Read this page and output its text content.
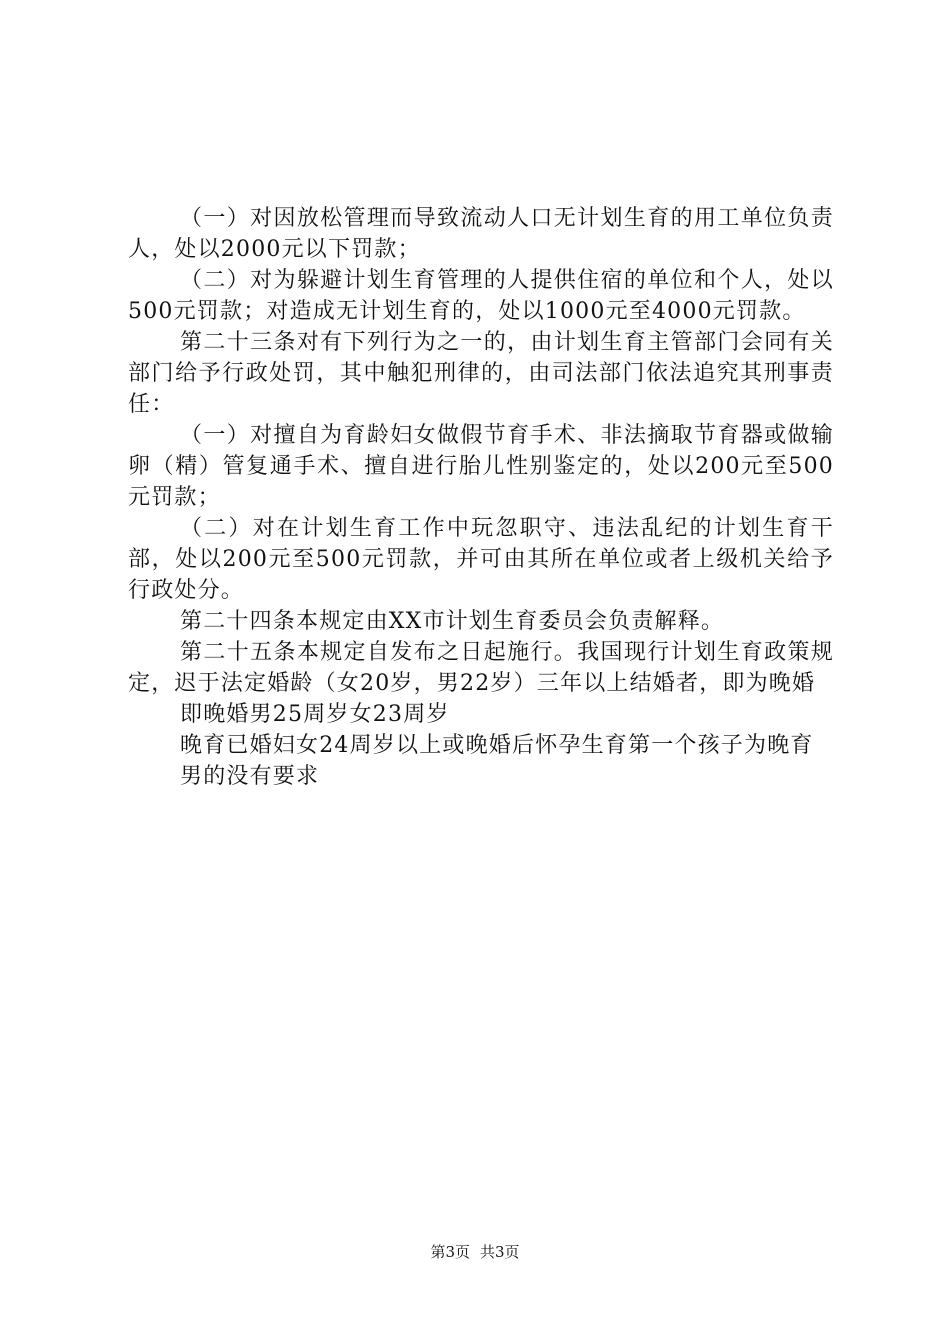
（一）对因放松管理而导致流动人口无计划生育的用工单位负责人，处以2000元以下罚款；

（二）对为躲避计划生育管理的人提供住宿的单位和个人，处以500元罚款；对造成无计划生育的，处以1000元至4000元罚款。

第二十三条对有下列行为之一的，由计划生育主管部门会同有关部门给予行政处罚，其中触犯刑律的，由司法部门依法追究其刑事责任：

（一）对擅自为育龄妇女做假节育手术、非法摘取节育器或做输卵（精）管复通手术、擅自进行胎儿性别鉴定的，处以200元至500元罚款；

（二）对在计划生育工作中玩忽职守、违法乱纪的计划生育干部，处以200元至500元罚款，并可由其所在单位或者上级机关给予行政处分。

第二十四条本规定由XX市计划生育委员会负责解释。

第二十五条本规定自发布之日起施行。我国现行计划生育政策规定，迟于法定婚龄（女20岁，男22岁）三年以上结婚者，即为晚婚

即晚婚男25周岁女23周岁

晚育已婚妇女24周岁以上或晚婚后怀孕生育第一个孩子为晚育

男的没有要求

第3页 共3页
